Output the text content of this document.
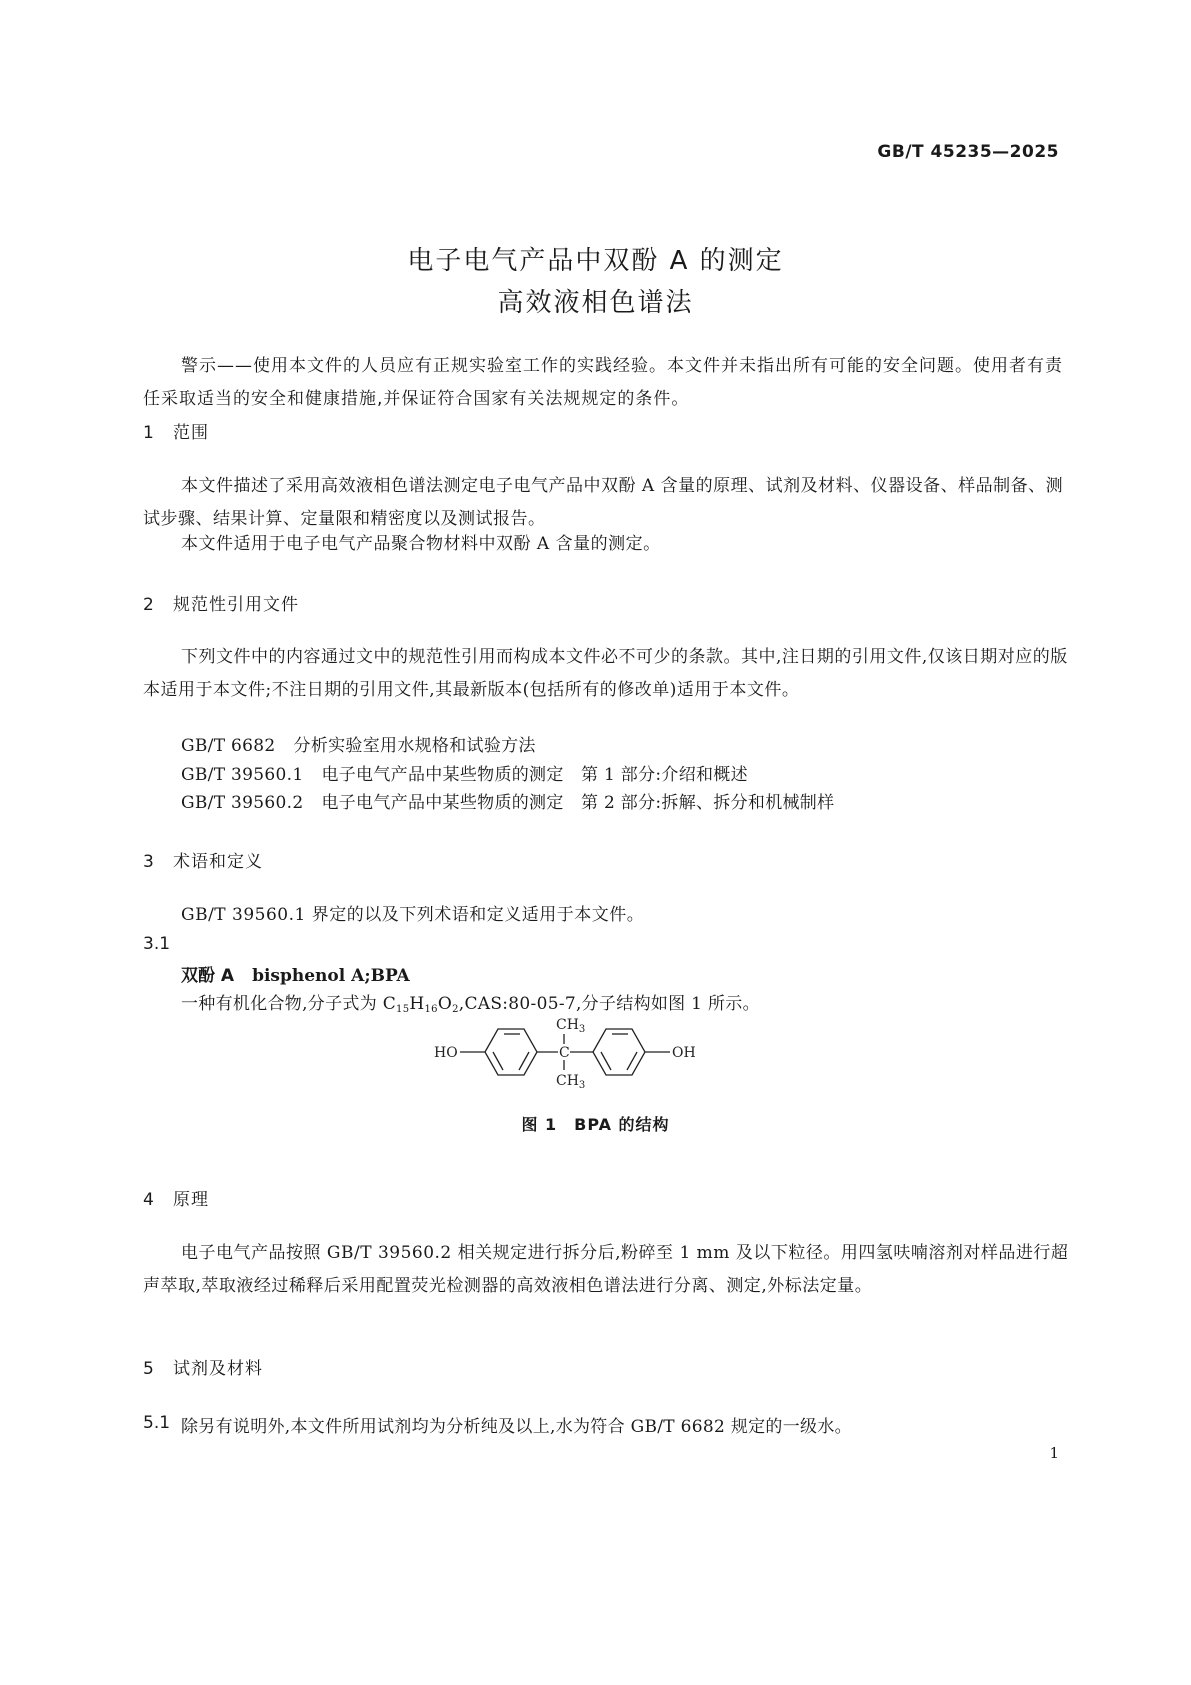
GB/T 45235—2025
电子电气产品中双酚 A 的测定
高效液相色谱法
警示——使用本文件的人员应有正规实验室工作的实践经验。本文件并未指出所有可能的安全问题。使用者有责任采取适当的安全和健康措施,并保证符合国家有关法规规定的条件。
1 范围
本文件描述了采用高效液相色谱法测定电子电气产品中双酚 A 含量的原理、试剂及材料、仪器设备、样品制备、测试步骤、结果计算、定量限和精密度以及测试报告。
本文件适用于电子电气产品聚合物材料中双酚 A 含量的测定。
2 规范性引用文件
下列文件中的内容通过文中的规范性引用而构成本文件必不可少的条款。其中,注日期的引用文件,仅该日期对应的版本适用于本文件;不注日期的引用文件,其最新版本(包括所有的修改单)适用于本文件。
GB/T 6682 分析实验室用水规格和试验方法
GB/T 39560.1 电子电气产品中某些物质的测定　第 1 部分:介绍和概述
GB/T 39560.2 电子电气产品中某些物质的测定　第 2 部分:拆解、拆分和机械制样
3 术语和定义
GB/T 39560.1 界定的以及下列术语和定义适用于本文件。
3.1
双酚 A bisphenol A;BPA
一种有机化合物,分子式为 $C_{15}H_{16}O_2,CAS:80-05-7$,分子结构如图 1 所示。
HO	OH
C
$CH_3$
$CH_3$
图 1　BPA 的结构
4 原理
电子电气产品按照 GB/T 39560.2 相关规定进行拆分后,粉碎至 1 mm 及以下粒径。用四氢呋喃溶剂对样品进行超声萃取,萃取液经过稀释后采用配置荧光检测器的高效液相色谱法进行分离、测定,外标法定量。
5 试剂及材料
5.1 除另有说明外,本文件所用试剂均为分析纯及以上,水为符合 GB/T 6682 规定的一级水。
1
